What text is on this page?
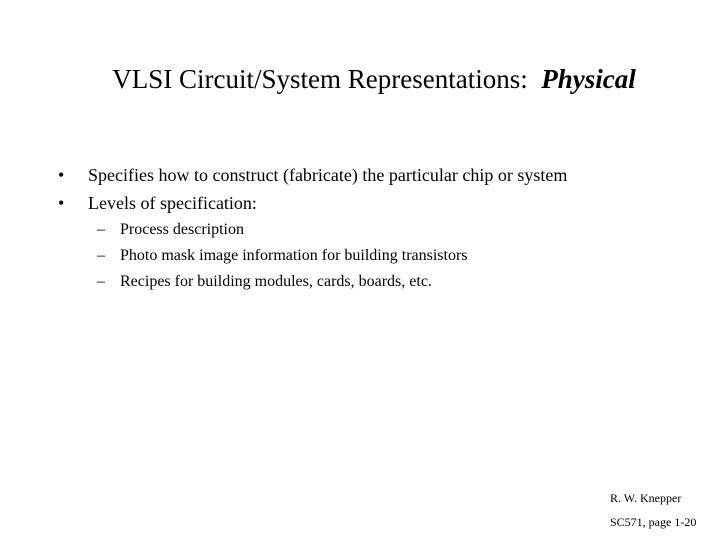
VLSI Circuit/System Representations: Physical
•	Specifies how to construct (fabricate) the particular chip or system
•	Levels of specification:
– Process description
– Photo mask image information for building transistors
– Recipes for building modules, cards, boards, etc.
R. W. Knepper
SC571, page 1-20
